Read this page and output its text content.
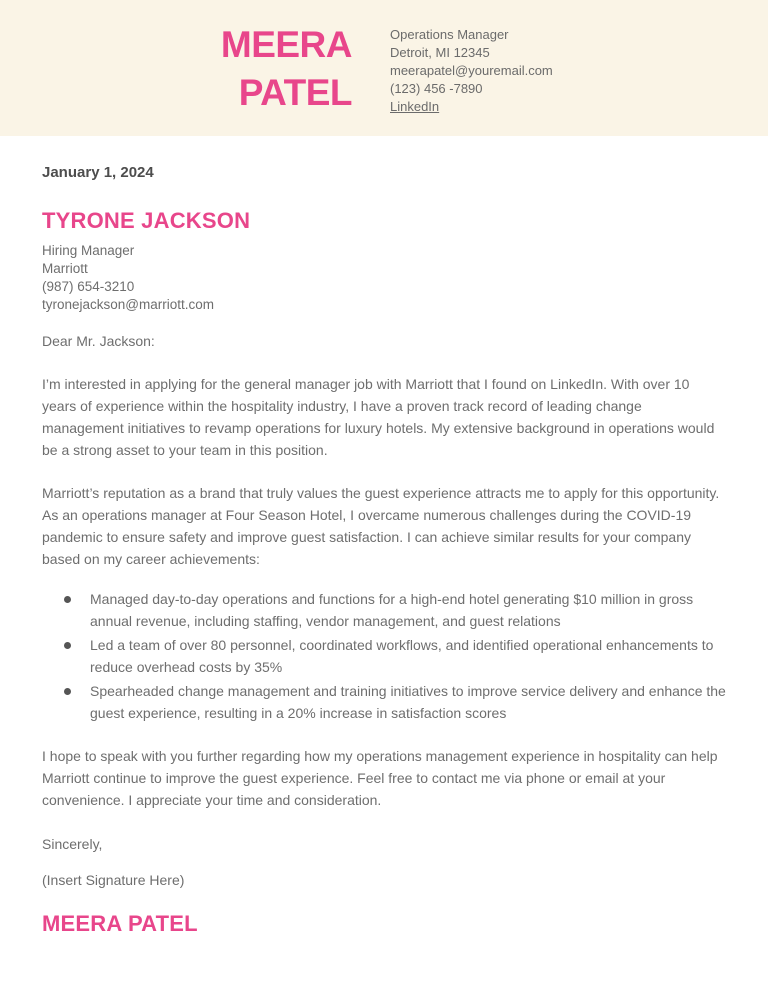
MEERA
PATEL
Operations Manager
Detroit, MI 12345
meerapatel@youremail.com
(123) 456 -7890
LinkedIn
January 1, 2024
TYRONE JACKSON
Hiring Manager
Marriott
(987) 654-3210
tyronejackson@marriott.com
Dear Mr. Jackson:

I’m interested in applying for the general manager job with Marriott that I found on LinkedIn. With over 10 years of experience within the hospitality industry, I have a proven track record of leading change management initiatives to revamp operations for luxury hotels. My extensive background in operations would be a strong asset to your team in this position.

Marriott’s reputation as a brand that truly values the guest experience attracts me to apply for this opportunity. As an operations manager at Four Season Hotel, I overcame numerous challenges during the COVID-19 pandemic to ensure safety and improve guest satisfaction. I can achieve similar results for your company based on my career achievements:

Managed day-to-day operations and functions for a high-end hotel generating $10 million in gross annual revenue, including staffing, vendor management, and guest relations
Led a team of over 80 personnel, coordinated workflows, and identified operational enhancements to reduce overhead costs by 35%
Spearheaded change management and training initiatives to improve service delivery and enhance the guest experience, resulting in a 20% increase in satisfaction scores

I hope to speak with you further regarding how my operations management experience in hospitality can help Marriott continue to improve the guest experience. Feel free to contact me via phone or email at your convenience. I appreciate your time and consideration.

Sincerely,
(Insert Signature Here)
MEERA PATEL
